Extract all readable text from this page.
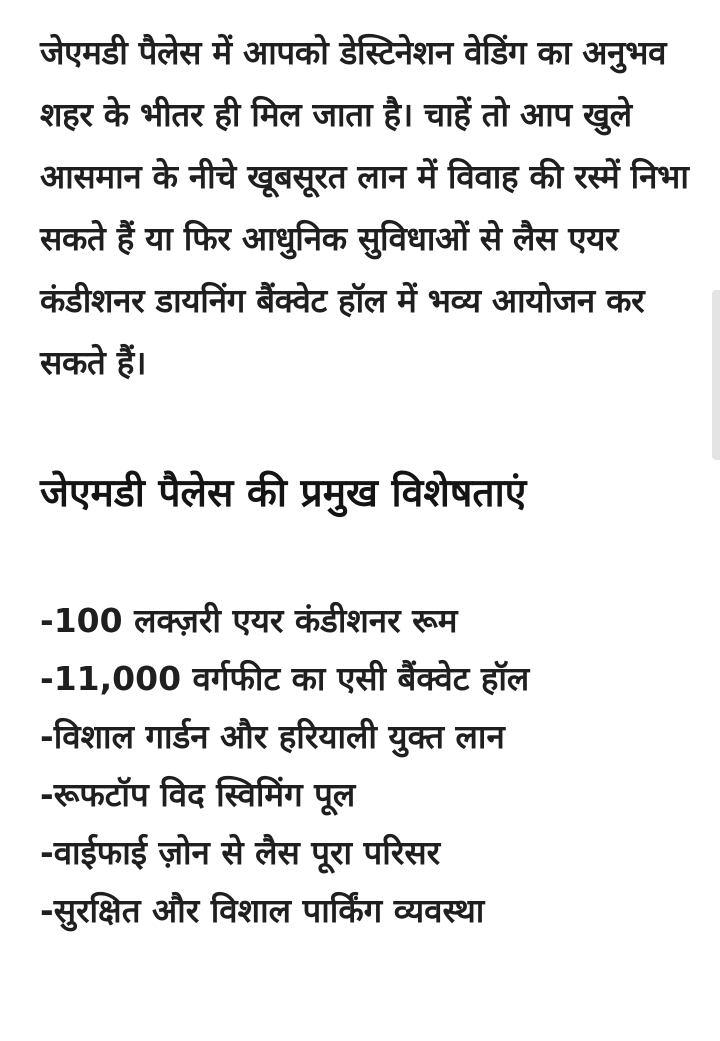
जेएमडी पैलेस में आपको डेस्टिनेशन वेडिंग का अनुभव शहर के भीतर ही मिल जाता है। चाहें तो आप खुले आसमान के नीचे खूबसूरत लान में विवाह की रस्में निभा सकते हैं या फिर आधुनिक सुविधाओं से लैस एयर कंडीशनर डायनिंग बैंक्वेट हॉल में भव्य आयोजन कर सकते हैं।

जेएमडी पैलेस की प्रमुख विशेषताएं
-100 लक्ज़री एयर कंडीशनर रूम
-11,000 वर्गफीट का एसी बैंक्वेट हॉल
-विशाल गार्डन और हरियाली युक्त लान
-रूफटॉप विद स्विमिंग पूल
-वाईफाई ज़ोन से लैस पूरा परिसर
-सुरक्षित और विशाल पार्किंग व्यवस्था
